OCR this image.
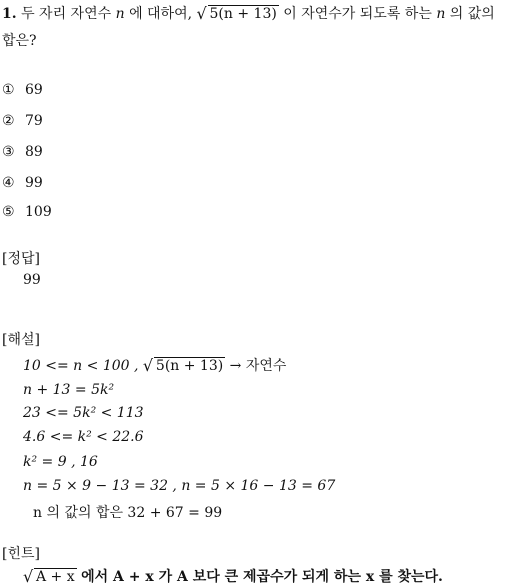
1. 두 자리 자연수 n 에 대하여, √ 5(n + 13) 이 자연수가 되도록 하는 n 의 값의
합은?
① 69
② 79
③ 89
④ 99
⑤ 109
[정답]
99
[해설]
10 <= n < 100 , √ 5(n + 13) → 자연수
n + 13 = 5k²
23 <= 5k² < 113
4.6 <= k² < 22.6
k² = 9 , 16
n = 5 × 9 − 13 = 32 , n = 5 × 16 − 13 = 67
n 의 값의 합은 32 + 67 = 99
[힌트]
√ A + x 에서 A + x 가 A 보다 큰 제곱수가 되게 하는 x 를 찾는다.
